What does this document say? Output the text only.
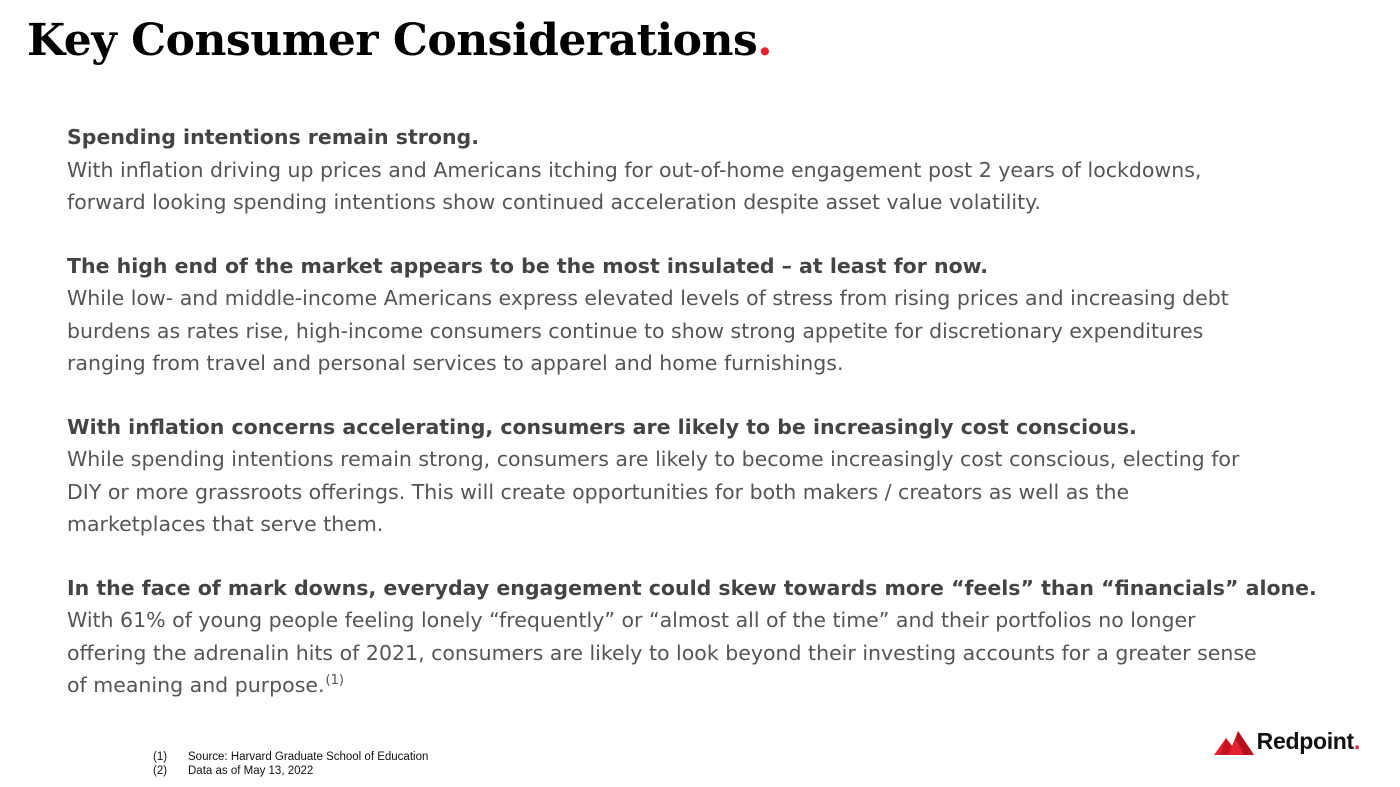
Key Consumer Considerations.
Spending intentions remain strong.
With inflation driving up prices and Americans itching for out-of-home engagement post 2 years of lockdowns,
forward looking spending intentions show continued acceleration despite asset value volatility.
The high end of the market appears to be the most insulated – at least for now.
While low- and middle-income Americans express elevated levels of stress from rising prices and increasing debt
burdens as rates rise, high-income consumers continue to show strong appetite for discretionary expenditures
ranging from travel and personal services to apparel and home furnishings.
With inflation concerns accelerating, consumers are likely to be increasingly cost conscious.
While spending intentions remain strong, consumers are likely to become increasingly cost conscious, electing for
DIY or more grassroots offerings. This will create opportunities for both makers / creators as well as the
marketplaces that serve them.
In the face of mark downs, everyday engagement could skew towards more “feels” than “financials” alone.
With 61% of young people feeling lonely “frequently” or “almost all of the time” and their portfolios no longer
offering the adrenalin hits of 2021, consumers are likely to look beyond their investing accounts for a greater sense
of meaning and purpose.$^{(1)}$
(1)	Source: Harvard Graduate School of Education
(2)	Data as of May 13, 2022
Redpoint.
